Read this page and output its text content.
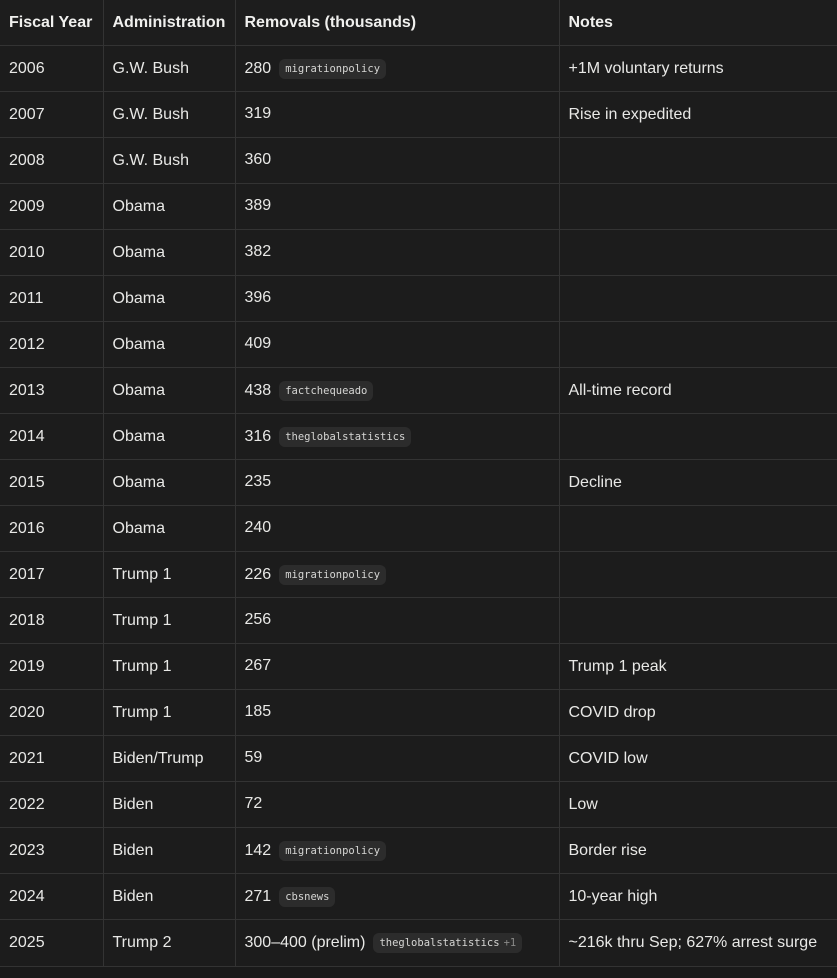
Fiscal Year	Administration	Removals (thousands)	Notes
2006	G.W. Bush	280 migrationpolicy	+1M voluntary returns
2007	G.W. Bush	319	Rise in expedited
2008	G.W. Bush	360	
2009	Obama	389	
2010	Obama	382	
2011	Obama	396	
2012	Obama	409	
2013	Obama	438 factchequeado	All-time record
2014	Obama	316 theglobalstatistics	
2015	Obama	235	Decline
2016	Obama	240	
2017	Trump 1	226 migrationpolicy	
2018	Trump 1	256	
2019	Trump 1	267	Trump 1 peak
2020	Trump 1	185	COVID drop
2021	Biden/Trump	59	COVID low
2022	Biden	72	Low
2023	Biden	142 migrationpolicy	Border rise
2024	Biden	271 cbsnews	10-year high
2025	Trump 2	300–400 (prelim) theglobalstatistics +1	~216k thru Sep; 627% arrest surge
